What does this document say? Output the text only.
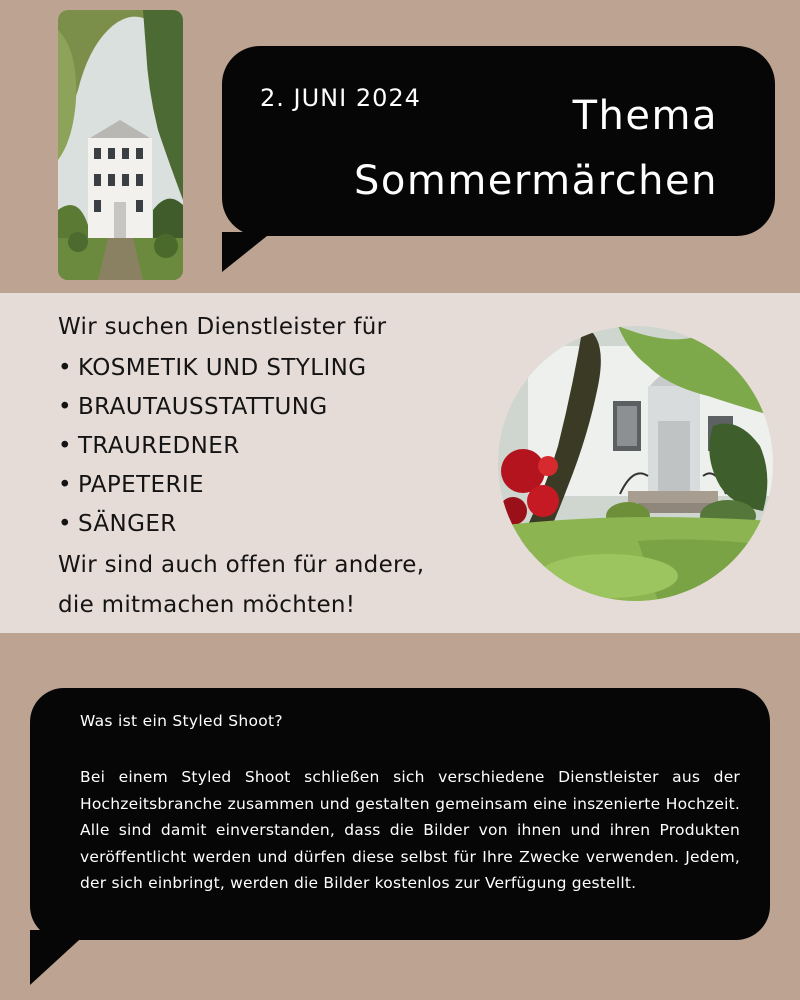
2. JUNI 2024	Thema
Sommermärchen

Wir suchen Dienstleister für

• KOSMETIK UND STYLING
• BRAUTAUSSTATTUNG
• TRAUREDNER
• PAPETERIE
• SÄNGER

Wir sind auch offen für andere,
die mitmachen möchten!

Was ist ein Styled Shoot?

Bei einem Styled Shoot schließen sich verschiedene Dienstleister aus der Hochzeitsbranche zusammen und gestalten gemeinsam eine inszenierte Hochzeit. Alle sind damit einverstanden, dass die Bilder von ihnen und ihren Produkten veröffentlicht werden und dürfen diese selbst für Ihre Zwecke verwenden. Jedem, der sich einbringt, werden die Bilder kostenlos zur Verfügung gestellt.
